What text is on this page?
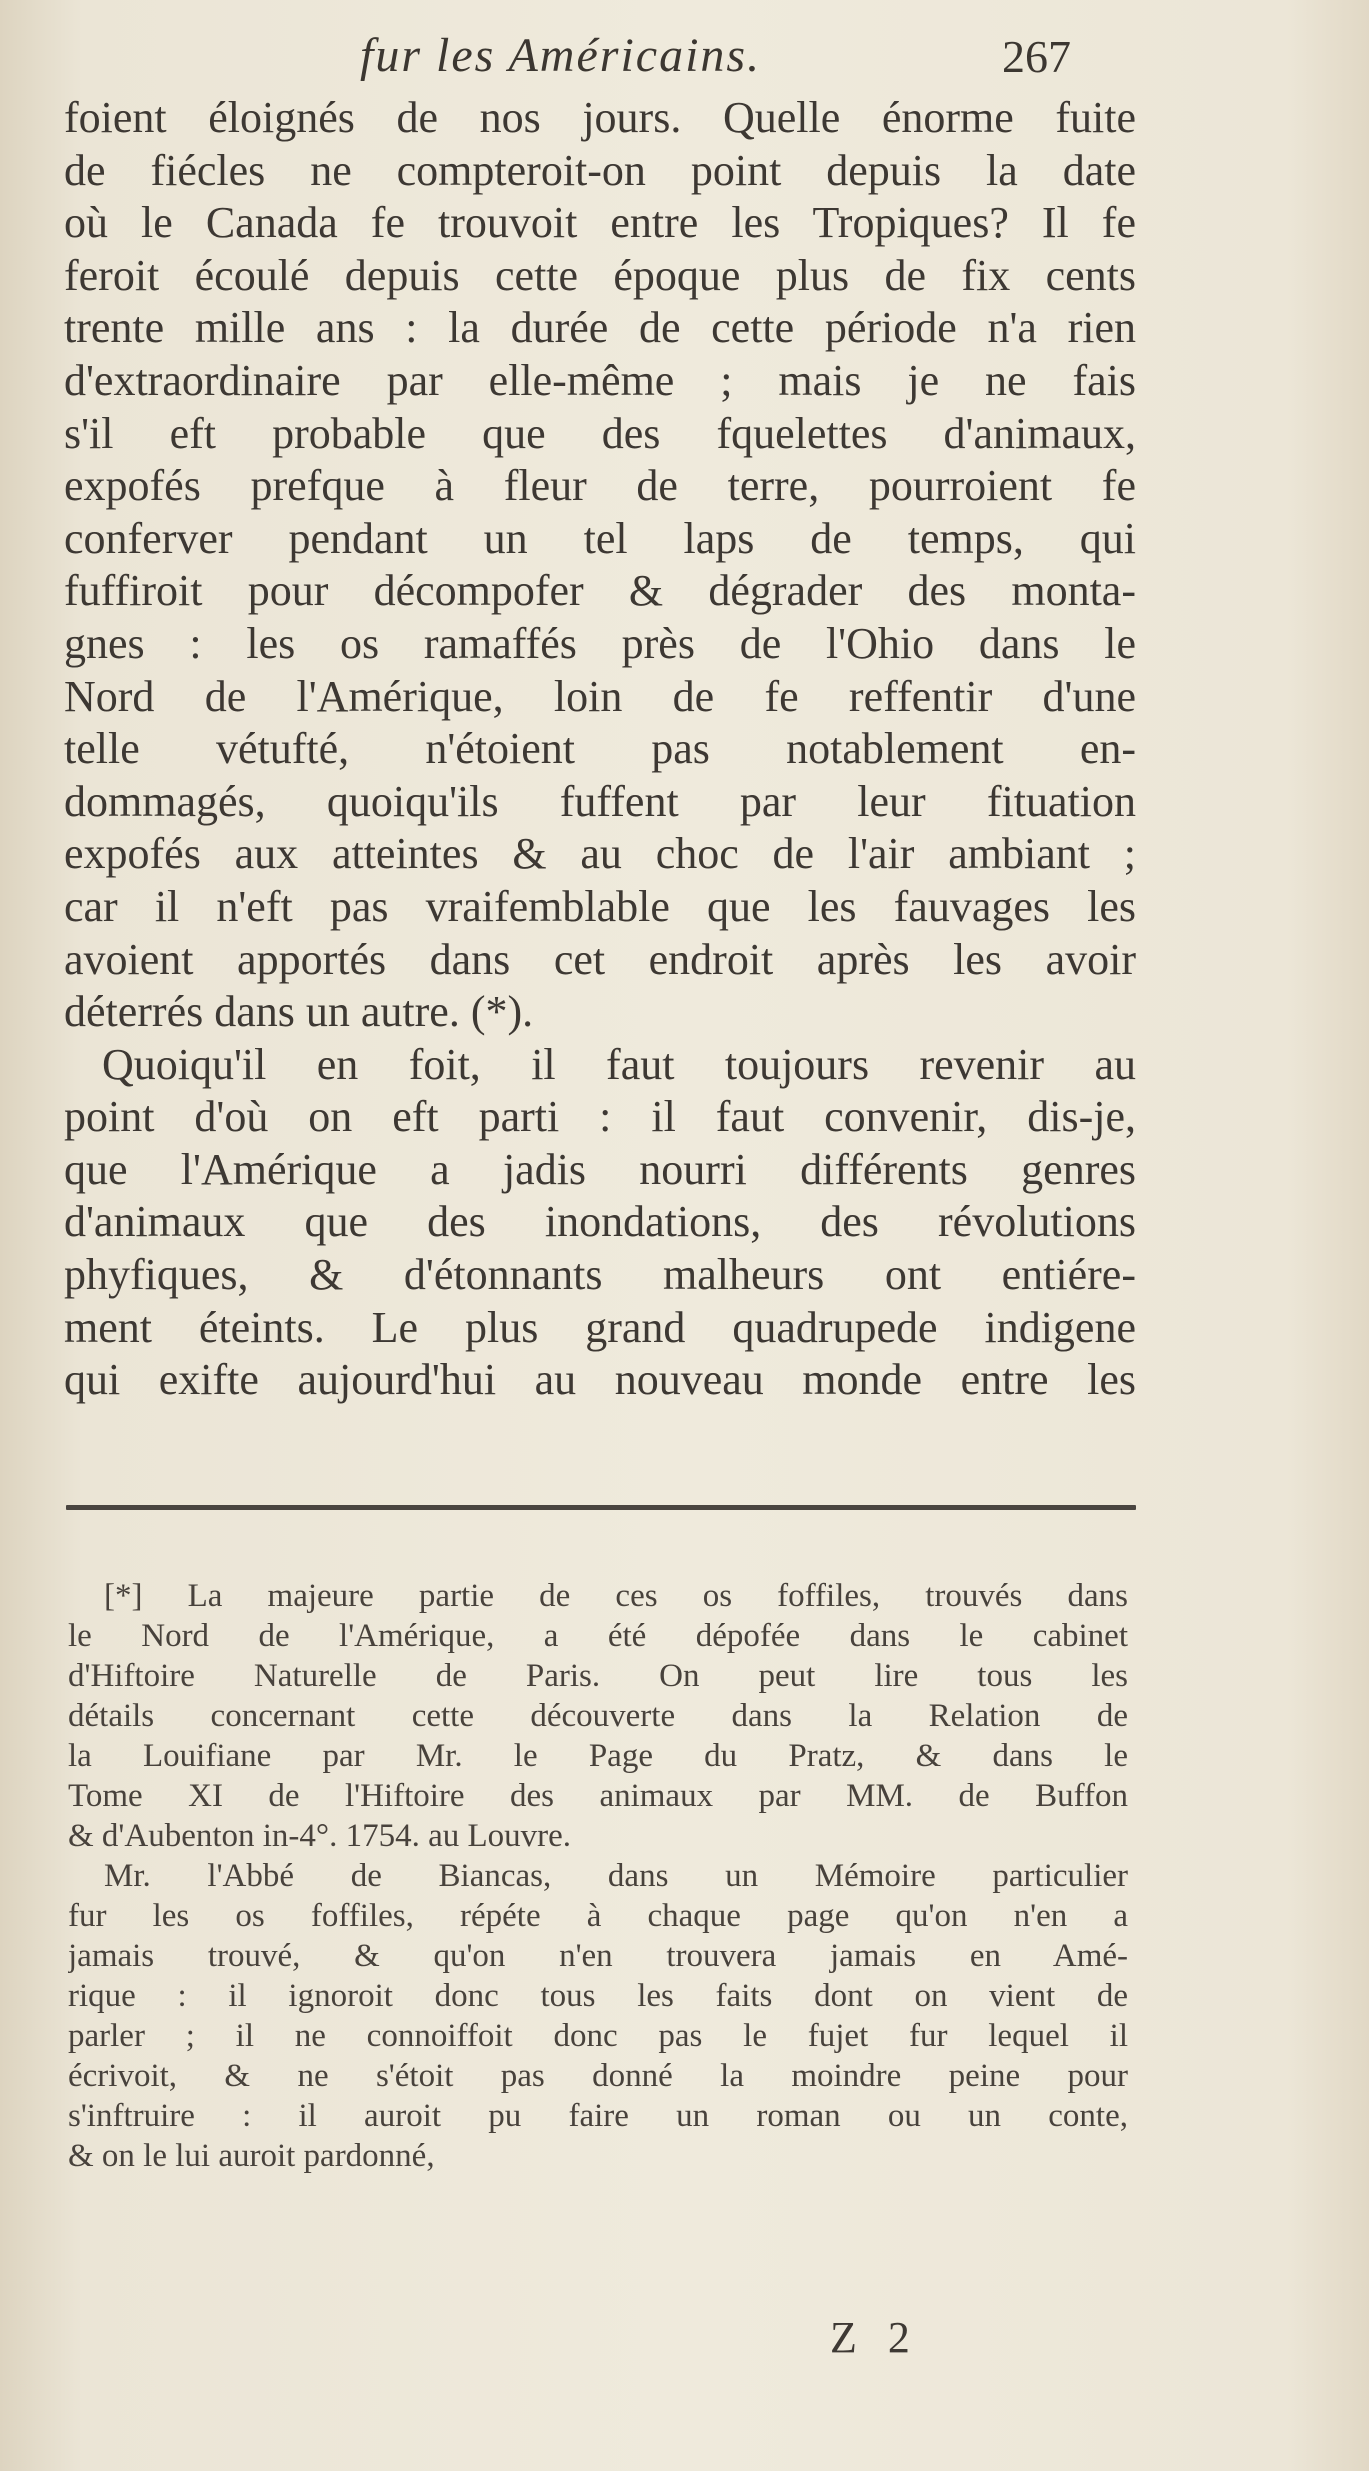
fur les Américains.	267
foient éloignés de nos jours. Quelle énorme fuite
de fiécles ne compteroit-on point depuis la date
où le Canada fe trouvoit entre les Tropiques? Il fe
feroit écoulé depuis cette époque plus de fix cents
trente mille ans : la durée de cette période n'a rien
d'extraordinaire par elle-même ; mais je ne fais
s'il eft probable que des fquelettes d'animaux,
expofés prefque à fleur de terre, pourroient fe
conferver pendant un tel laps de temps, qui
fuffiroit pour décompofer & dégrader des monta-
gnes : les os ramaffés près de l'Ohio dans le
Nord de l'Amérique, loin de fe reffentir d'une
telle vétufté, n'étoient pas notablement en-
dommagés, quoiqu'ils fuffent par leur fituation
expofés aux atteintes & au choc de l'air ambiant ;
car il n'eft pas vraifemblable que les fauvages les
avoient apportés dans cet endroit après les avoir
déterrés dans un autre. (*).
Quoiqu'il en foit, il faut toujours revenir au
point d'où on eft parti : il faut convenir, dis-je,
que l'Amérique a jadis nourri différents genres
d'animaux que des inondations, des révolutions
phyfiques, & d'étonnants malheurs ont entiére-
ment éteints. Le plus grand quadrupede indigene
qui exifte aujourd'hui au nouveau monde entre les
[*] La majeure partie de ces os foffiles, trouvés dans
le Nord de l'Amérique, a été dépofée dans le cabinet
d'Hiftoire Naturelle de Paris. On peut lire tous les
détails concernant cette découverte dans la Relation de
la Louifiane par Mr. le Page du Pratz, & dans le
Tome XI de l'Hiftoire des animaux par MM. de Buffon
& d'Aubenton in-4°. 1754. au Louvre.
Mr. l'Abbé de Biancas, dans un Mémoire particulier
fur les os foffiles, répéte à chaque page qu'on n'en a
jamais trouvé, & qu'on n'en trouvera jamais en Amé-
rique : il ignoroit donc tous les faits dont on vient de
parler ; il ne connoiffoit donc pas le fujet fur lequel il
écrivoit, & ne s'étoit pas donné la moindre peine pour
s'inftruire : il auroit pu faire un roman ou un conte,
& on le lui auroit pardonné,
Z 2
